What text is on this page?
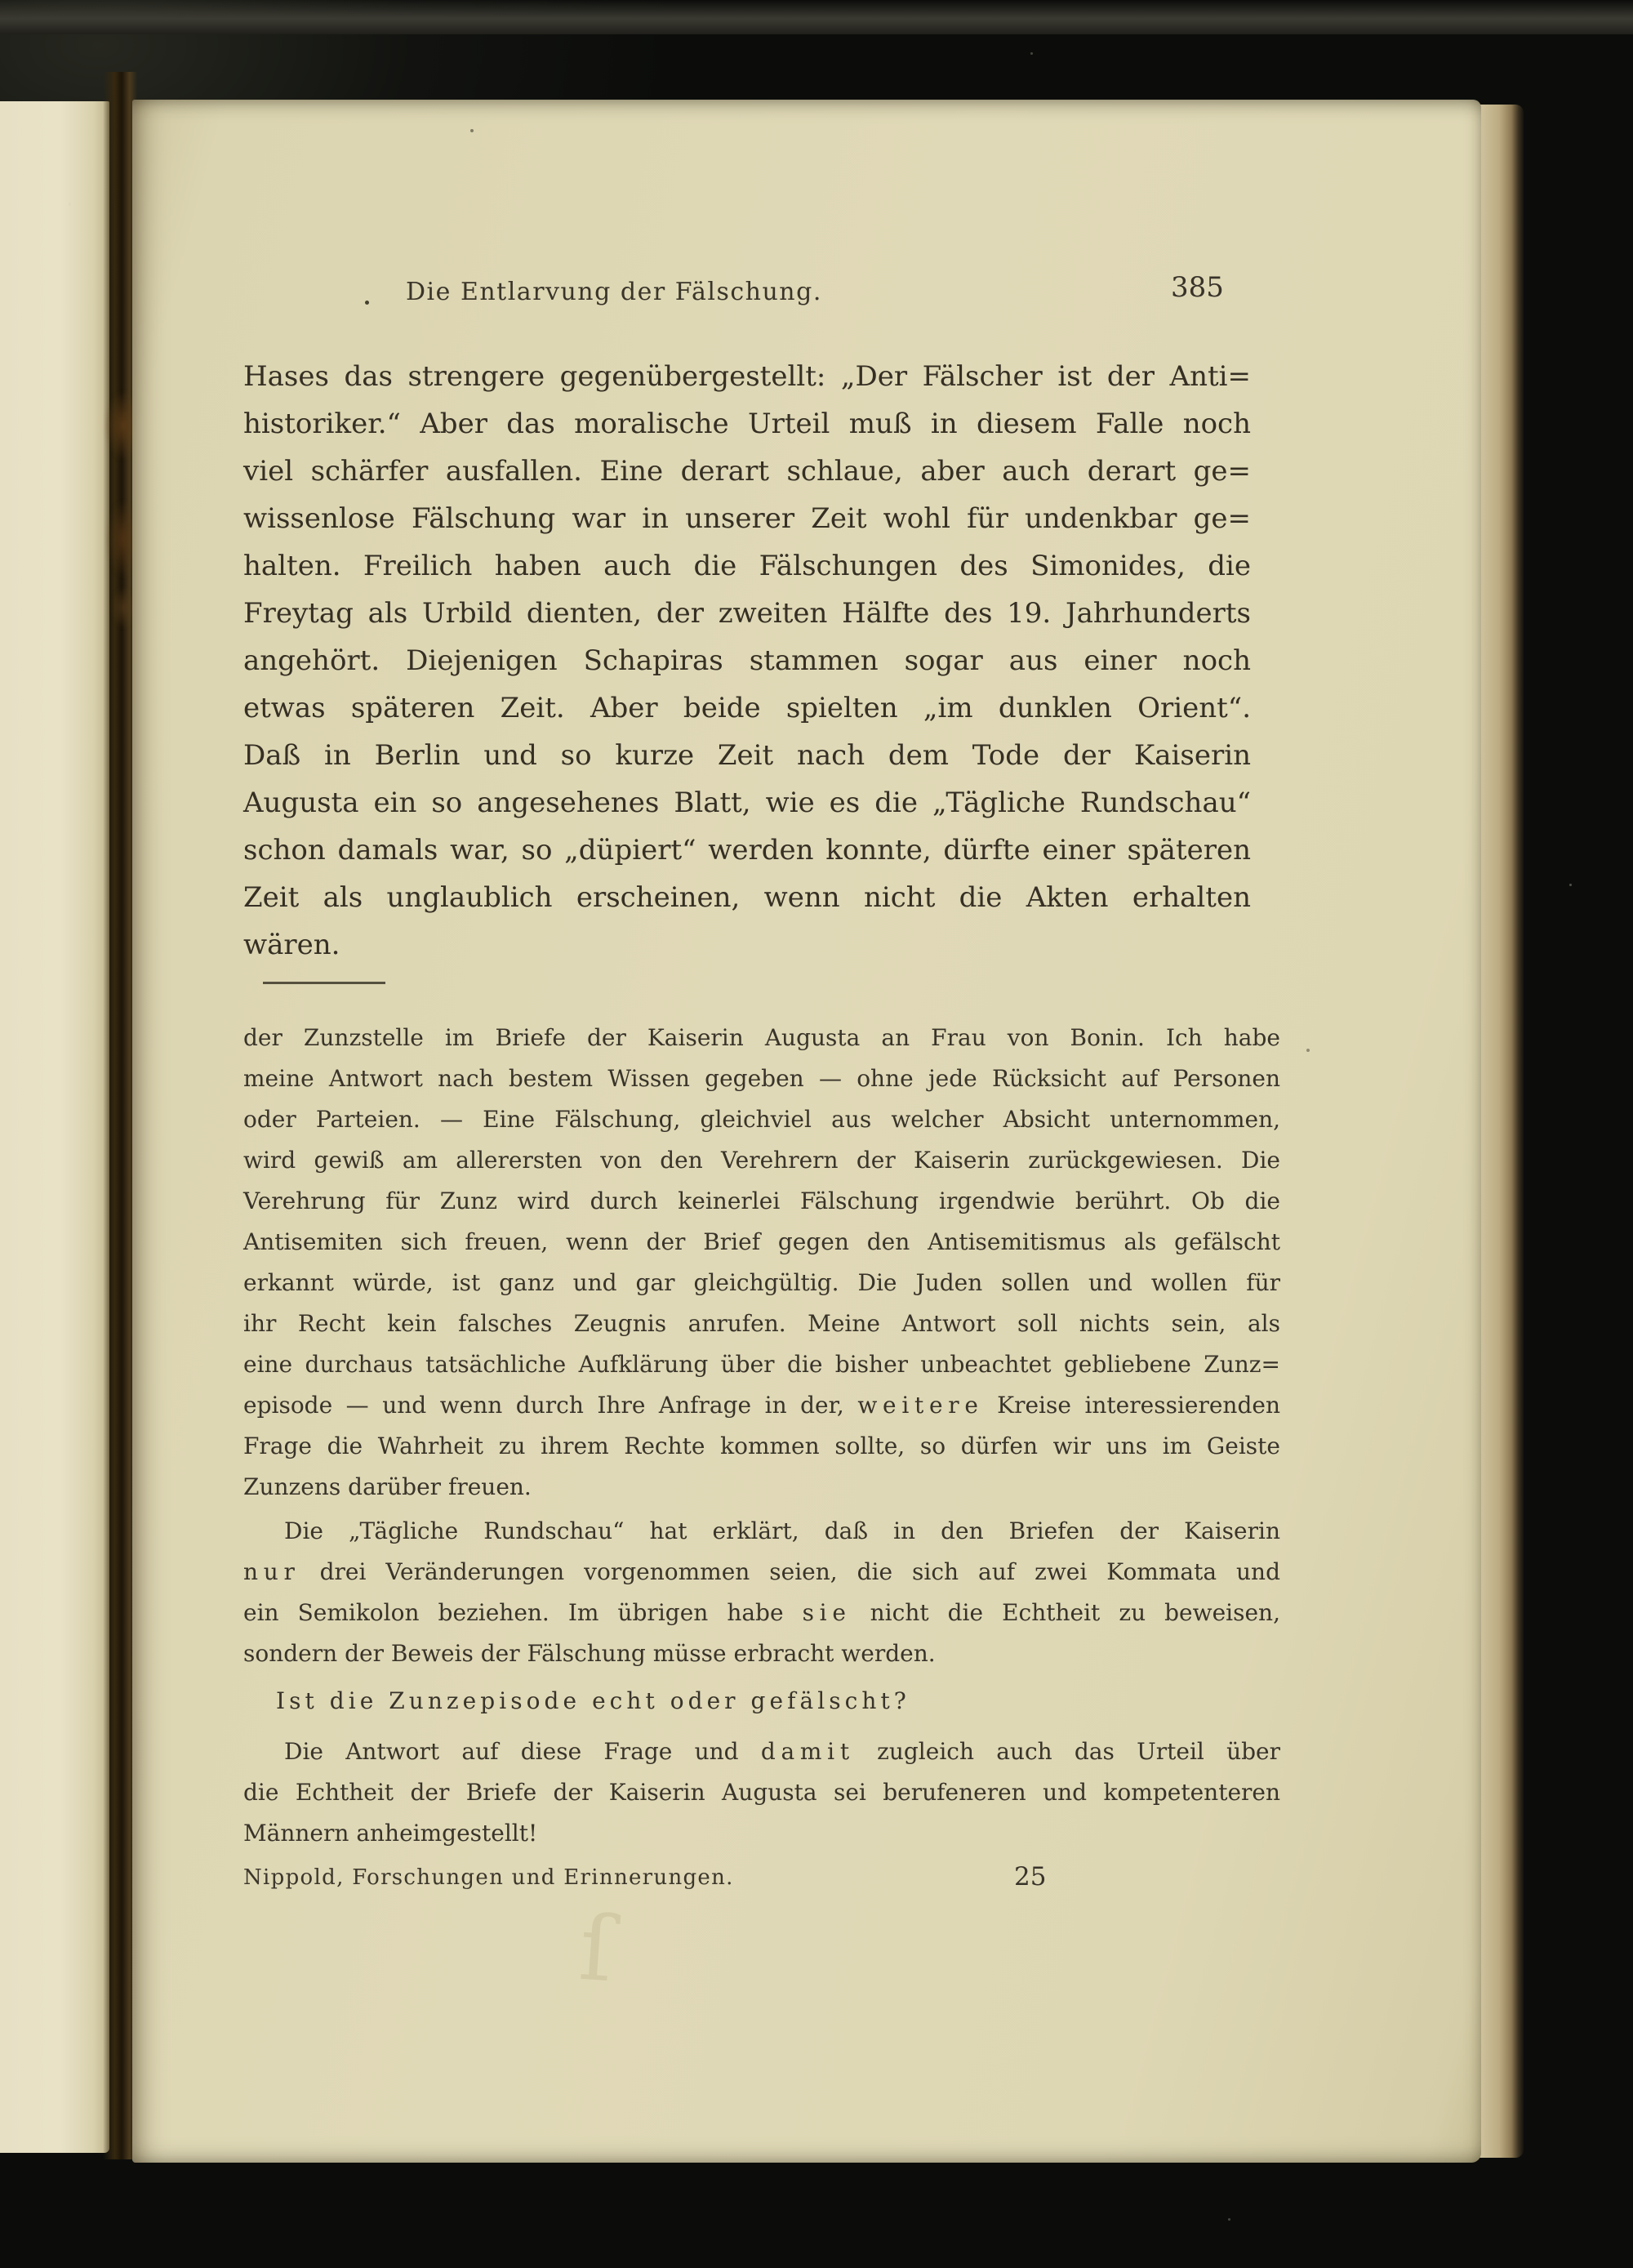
Die Entlarvung der Fälschung.	385
Hases das strengere gegenübergestellt: „Der Fälscher ist der Anti=
historiker.“ Aber das moralische Urteil muß in diesem Falle noch
viel schärfer ausfallen. Eine derart schlaue, aber auch derart ge=
wissenlose Fälschung war in unserer Zeit wohl für undenkbar ge=
halten. Freilich haben auch die Fälschungen des Simonides, die
Freytag als Urbild dienten, der zweiten Hälfte des 19. Jahrhunderts
angehört. Diejenigen Schapiras stammen sogar aus einer noch
etwas späteren Zeit. Aber beide spielten „im dunklen Orient“.
Daß in Berlin und so kurze Zeit nach dem Tode der Kaiserin
Augusta ein so angesehenes Blatt, wie es die „Tägliche Rundschau“
schon damals war, so „düpiert“ werden konnte, dürfte einer späteren
Zeit als unglaublich erscheinen, wenn nicht die Akten erhalten
wären.
der Zunzstelle im Briefe der Kaiserin Augusta an Frau von Bonin. Ich habe
meine Antwort nach bestem Wissen gegeben — ohne jede Rücksicht auf Personen
oder Parteien. — Eine Fälschung, gleichviel aus welcher Absicht unternommen,
wird gewiß am allerersten von den Verehrern der Kaiserin zurückgewiesen. Die
Verehrung für Zunz wird durch keinerlei Fälschung irgendwie berührt. Ob die
Antisemiten sich freuen, wenn der Brief gegen den Antisemitismus als gefälscht
erkannt würde, ist ganz und gar gleichgültig. Die Juden sollen und wollen für
ihr Recht kein falsches Zeugnis anrufen. Meine Antwort soll nichts sein, als
eine durchaus tatsächliche Aufklärung über die bisher unbeachtet gebliebene Zunz=
episode — und wenn durch Ihre Anfrage in der, weitere Kreise interessierenden
Frage die Wahrheit zu ihrem Rechte kommen sollte, so dürfen wir uns im Geiste
Zunzens darüber freuen.
Die „Tägliche Rundschau“ hat erklärt, daß in den Briefen der Kaiserin
nur drei Veränderungen vorgenommen seien, die sich auf zwei Kommata und
ein Semikolon beziehen. Im übrigen habe sie nicht die Echtheit zu beweisen,
sondern der Beweis der Fälschung müsse erbracht werden.
Ist die Zunzepisode echt oder gefälscht?
Die Antwort auf diese Frage und damit zugleich auch das Urteil über
die Echtheit der Briefe der Kaiserin Augusta sei berufeneren und kompetenteren
Männern anheimgestellt!
Nippold, Forschungen und Erinnerungen.	25
ſ
